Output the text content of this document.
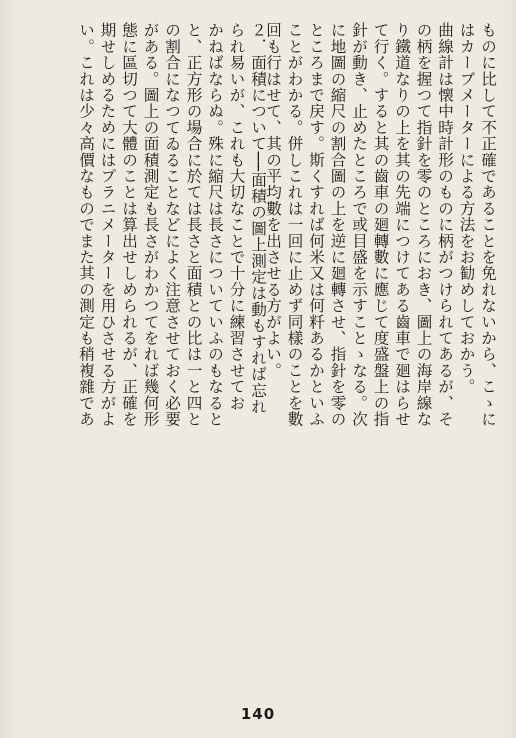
ものに比して不正確であることを免れないから、こゝに

はカーブメーターによる方法をお勧めしておかう。

曲線計は懐中時計形のものに柄がつけられてあるが、そ

の柄を握つて指針を零のところにおき、圖上の海岸線な

り鐵道なりの上を其の先端につけてある齒車で廻はらせ

て行く。すると其の齒車の廻轉數に應じて度盛盤上の指

針が動き、止めたところで或目盛を示すことゝなる。次

に地圖の縮尺の割合圖の上を逆に廻轉させ、指針を零の

ところまで戻す。斯くすれば何米又は何粁あるかといふ

ことがわかる。併しこれは一回に止めず同樣のことを數

回も行はせて、其の平均數を出させる方がよい。

２．面積について──面積の圖上測定は動もすれば忘れ

られ易いが、これも大切なことで十分に練習させてお

かねばならぬ。殊に縮尺は長さについていふのもなると

と、正方形の場合に於ては長さと面積との比は一と四と

の割合になつてゐることなどによく注意させておく必要

がある。圖上の面積測定も長さがわかつてをれば幾何形

態に區切つて大體のことは算出せしめられるが、正確を

期せしめるためにはプラニメーターを用ひさせる方がよ

い。これは少々高價なものでまた其の測定も稍複雜であ

140
